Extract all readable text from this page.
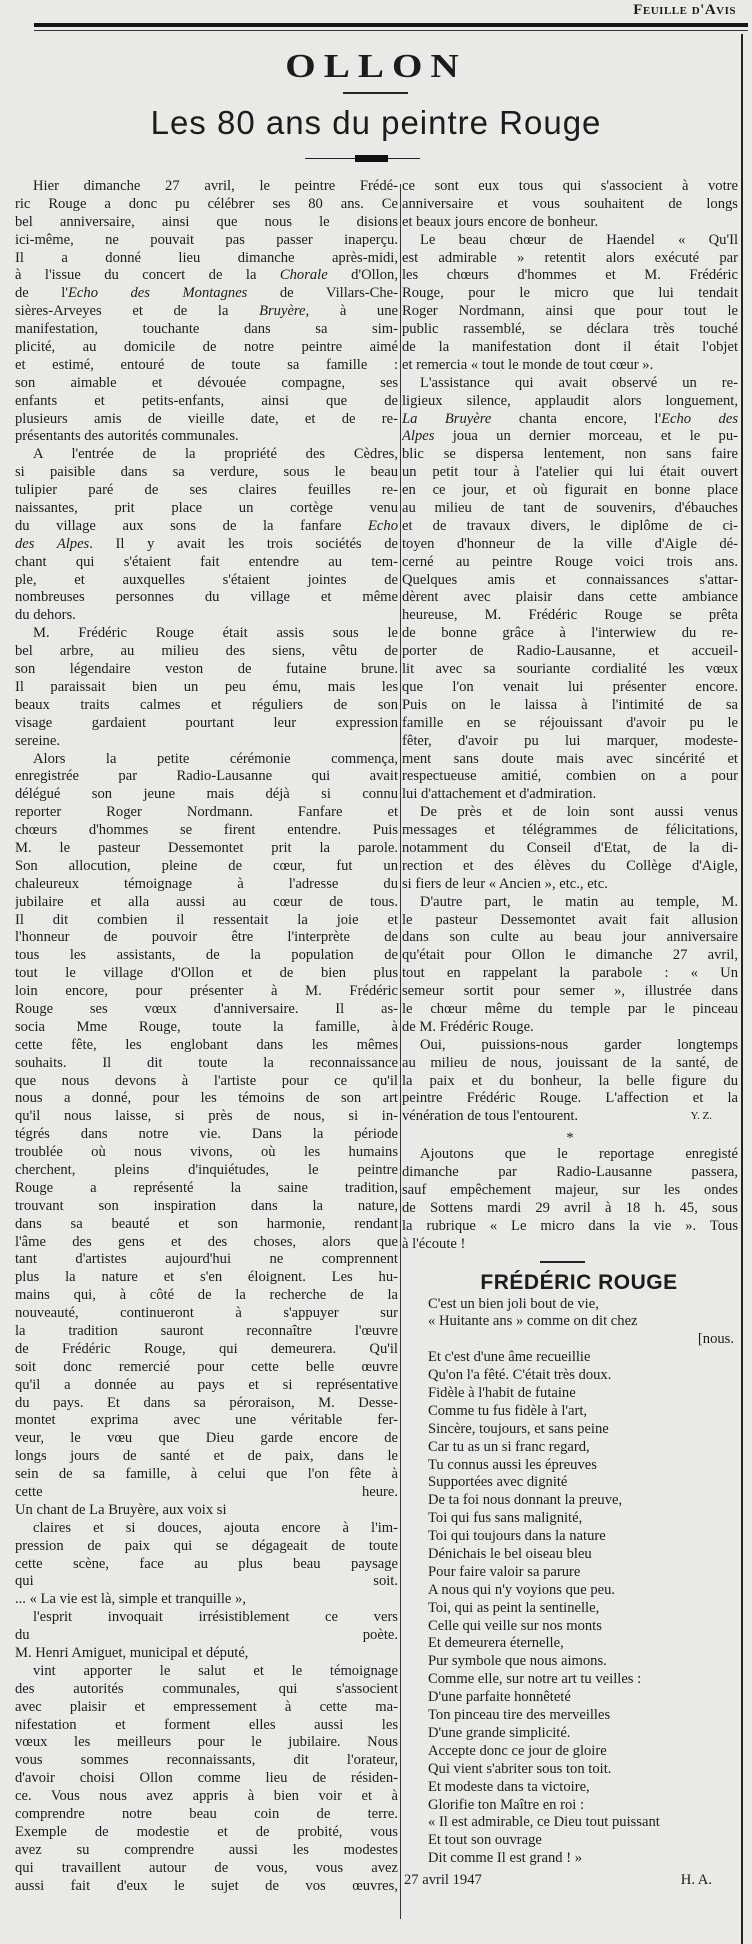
Feuille d'Avis
OLLON
Les 80 ans du peintre Rouge
Hier dimanche 27 avril, le peintre Frédé-
ric Rouge a donc pu célébrer ses 80 ans. Ce
bel anniversaire, ainsi que nous le disions
ici-même, ne pouvait pas passer inaperçu.
Il a donné lieu dimanche après-midi,
à l'issue du concert de la Chorale d'Ollon,
de l'Echo des Montagnes de Villars-Che-
sières-Arveyes et de la Bruyère, à une
manifestation, touchante dans sa sim-
plicité, au domicile de notre peintre aimé
et estimé, entouré de toute sa famille :
son aimable et dévouée compagne, ses
enfants et petits-enfants, ainsi que de
plusieurs amis de vieille date, et de re-
présentants des autorités communales.
A l'entrée de la propriété des Cèdres,
si paisible dans sa verdure, sous le beau
tulipier paré de ses claires feuilles re-
naissantes, prit place un cortège venu
du village aux sons de la fanfare Echo
des Alpes. Il y avait les trois sociétés de
chant qui s'étaient fait entendre au tem-
ple, et auxquelles s'étaient jointes de
nombreuses personnes du village et même
du dehors.
M. Frédéric Rouge était assis sous le
bel arbre, au milieu des siens, vêtu de
son légendaire veston de futaine brune.
Il paraissait bien un peu ému, mais les
beaux traits calmes et réguliers de son
visage gardaient pourtant leur expression
sereine.
Alors la petite cérémonie commença,
enregistrée par Radio-Lausanne qui avait
délégué son jeune mais déjà si connu
reporter Roger Nordmann. Fanfare et
chœurs d'hommes se firent entendre. Puis
M. le pasteur Dessemontet prit la parole.
Son allocution, pleine de cœur, fut un
chaleureux témoignage à l'adresse du
jubilaire et alla aussi au cœur de tous.
Il dit combien il ressentait la joie et
l'honneur de pouvoir être l'interprète de
tous les assistants, de la population de
tout le village d'Ollon et de bien plus
loin encore, pour présenter à M. Frédéric
Rouge ses vœux d'anniversaire. Il as-
socia Mme Rouge, toute la famille, à
cette fête, les englobant dans les mêmes
souhaits. Il dit toute la reconnaissance
que nous devons à l'artiste pour ce qu'il
nous a donné, pour les témoins de son art
qu'il nous laisse, si près de nous, si in-
tégrés dans notre vie. Dans la période
troublée où nous vivons, où les humains
cherchent, pleins d'inquiétudes, le peintre
Rouge a représenté la saine tradition,
trouvant son inspiration dans la nature,
dans sa beauté et son harmonie, rendant
l'âme des gens et des choses, alors que
tant d'artistes aujourd'hui ne comprennent
plus la nature et s'en éloignent. Les hu-
mains qui, à côté de la recherche de la
nouveauté, continueront à s'appuyer sur
la tradition sauront reconnaître l'œuvre
de Frédéric Rouge, qui demeurera. Qu'il
soit donc remercié pour cette belle œuvre
qu'il a donnée au pays et si représentative
du pays. Et dans sa péroraison, M. Desse-
montet exprima avec une véritable fer-
veur, le vœu que Dieu garde encore de
longs jours de santé et de paix, dans le
sein de sa famille, à celui que l'on fête à
cette heure.
Un chant de La Bruyère, aux voix si
claires et si douces, ajouta encore à l'im-
pression de paix qui se dégageait de toute
cette scène, face au plus beau paysage
qui soit.
... « La vie est là, simple et tranquille »,
l'esprit invoquait irrésistiblement ce vers
du poète.
M. Henri Amiguet, municipal et député,
vint apporter le salut et le témoignage
des autorités communales, qui s'associent
avec plaisir et empressement à cette ma-
nifestation et forment elles aussi les
vœux les meilleurs pour le jubilaire. Nous
vous sommes reconnaissants, dit l'orateur,
d'avoir choisi Ollon comme lieu de résiden-
ce. Vous nous avez appris à bien voir et à
comprendre notre beau coin de terre.
Exemple de modestie et de probité, vous
avez su comprendre aussi les modestes
qui travaillent autour de vous, vous avez
aussi fait d'eux le sujet de vos œuvres,
ce sont eux tous qui s'associent à votre
anniversaire et vous souhaitent de longs
et beaux jours encore de bonheur.
Le beau chœur de Haendel « Qu'Il
est admirable » retentit alors exécuté par
les chœurs d'hommes et M. Frédéric
Rouge, pour le micro que lui tendait
Roger Nordmann, ainsi que pour tout le
public rassemblé, se déclara très touché
de la manifestation dont il était l'objet
et remercia « tout le monde de tout cœur ».
L'assistance qui avait observé un re-
ligieux silence, applaudit alors longuement,
La Bruyère chanta encore, l'Echo des
Alpes joua un dernier morceau, et le pu-
blic se dispersa lentement, non sans faire
un petit tour à l'atelier qui lui était ouvert
en ce jour, et où figurait en bonne place
au milieu de tant de souvenirs, d'ébauches
et de travaux divers, le diplôme de ci-
toyen d'honneur de la ville d'Aigle dé-
cerné au peintre Rouge voici trois ans.
Quelques amis et connaissances s'attar-
dèrent avec plaisir dans cette ambiance
heureuse, M. Frédéric Rouge se prêta
de bonne grâce à l'interwiew du re-
porter de Radio-Lausanne, et accueil-
lit avec sa souriante cordialité les vœux
que l'on venait lui présenter encore.
Puis on le laissa à l'intimité de sa
famille en se réjouissant d'avoir pu le
fêter, d'avoir pu lui marquer, modeste-
ment sans doute mais avec sincérité et
respectueuse amitié, combien on a pour
lui d'attachement et d'admiration.
De près et de loin sont aussi venus
messages et télégrammes de félicitations,
notamment du Conseil d'Etat, de la di-
rection et des élèves du Collège d'Aigle,
si fiers de leur « Ancien », etc., etc.
D'autre part, le matin au temple, M.
le pasteur Dessemontet avait fait allusion
dans son culte au beau jour anniversaire
qu'était pour Ollon le dimanche 27 avril,
tout en rappelant la parabole : « Un
semeur sortit pour semer », illustrée dans
le chœur même du temple par le pinceau
de M. Frédéric Rouge.
Oui, puissions-nous garder longtemps
au milieu de nous, jouissant de la santé, de
la paix et du bonheur, la belle figure du
peintre Frédéric Rouge. L'affection et la
vénération de tous l'entourent.	Y. Z.
*
Ajoutons que le reportage enregisté
dimanche par Radio-Lausanne passera,
sauf empêchement majeur, sur les ondes
de Sottens mardi 29 avril à 18 h. 45, sous
la rubrique « Le micro dans la vie ». Tous
à l'écoute !
FRÉDÉRIC ROUGE
C'est un bien joli bout de vie,
« Huitante ans » comme on dit chez
[nous.
Et c'est d'une âme recueillie
Qu'on l'a fêté. C'était très doux.
Fidèle à l'habit de futaine
Comme tu fus fidèle à l'art,
Sincère, toujours, et sans peine
Car tu as un si franc regard,
Tu connus aussi les épreuves
Supportées avec dignité
De ta foi nous donnant la preuve,
Toi qui fus sans malignité,
Toi qui toujours dans la nature
Dénichais le bel oiseau bleu
Pour faire valoir sa parure
A nous qui n'y voyions que peu.
Toi, qui as peint la sentinelle,
Celle qui veille sur nos monts
Et demeurera éternelle,
Pur symbole que nous aimons.
Comme elle, sur notre art tu veilles :
D'une parfaite honnêteté
Ton pinceau tire des merveilles
D'une grande simplicité.
Accepte donc ce jour de gloire
Qui vient s'abriter sous ton toit.
Et modeste dans ta victoire,
Glorifie ton Maître en roi :
« Il est admirable, ce Dieu tout puissant
Et tout son ouvrage
Dit comme Il est grand ! »
27 avril 1947	H. A.
